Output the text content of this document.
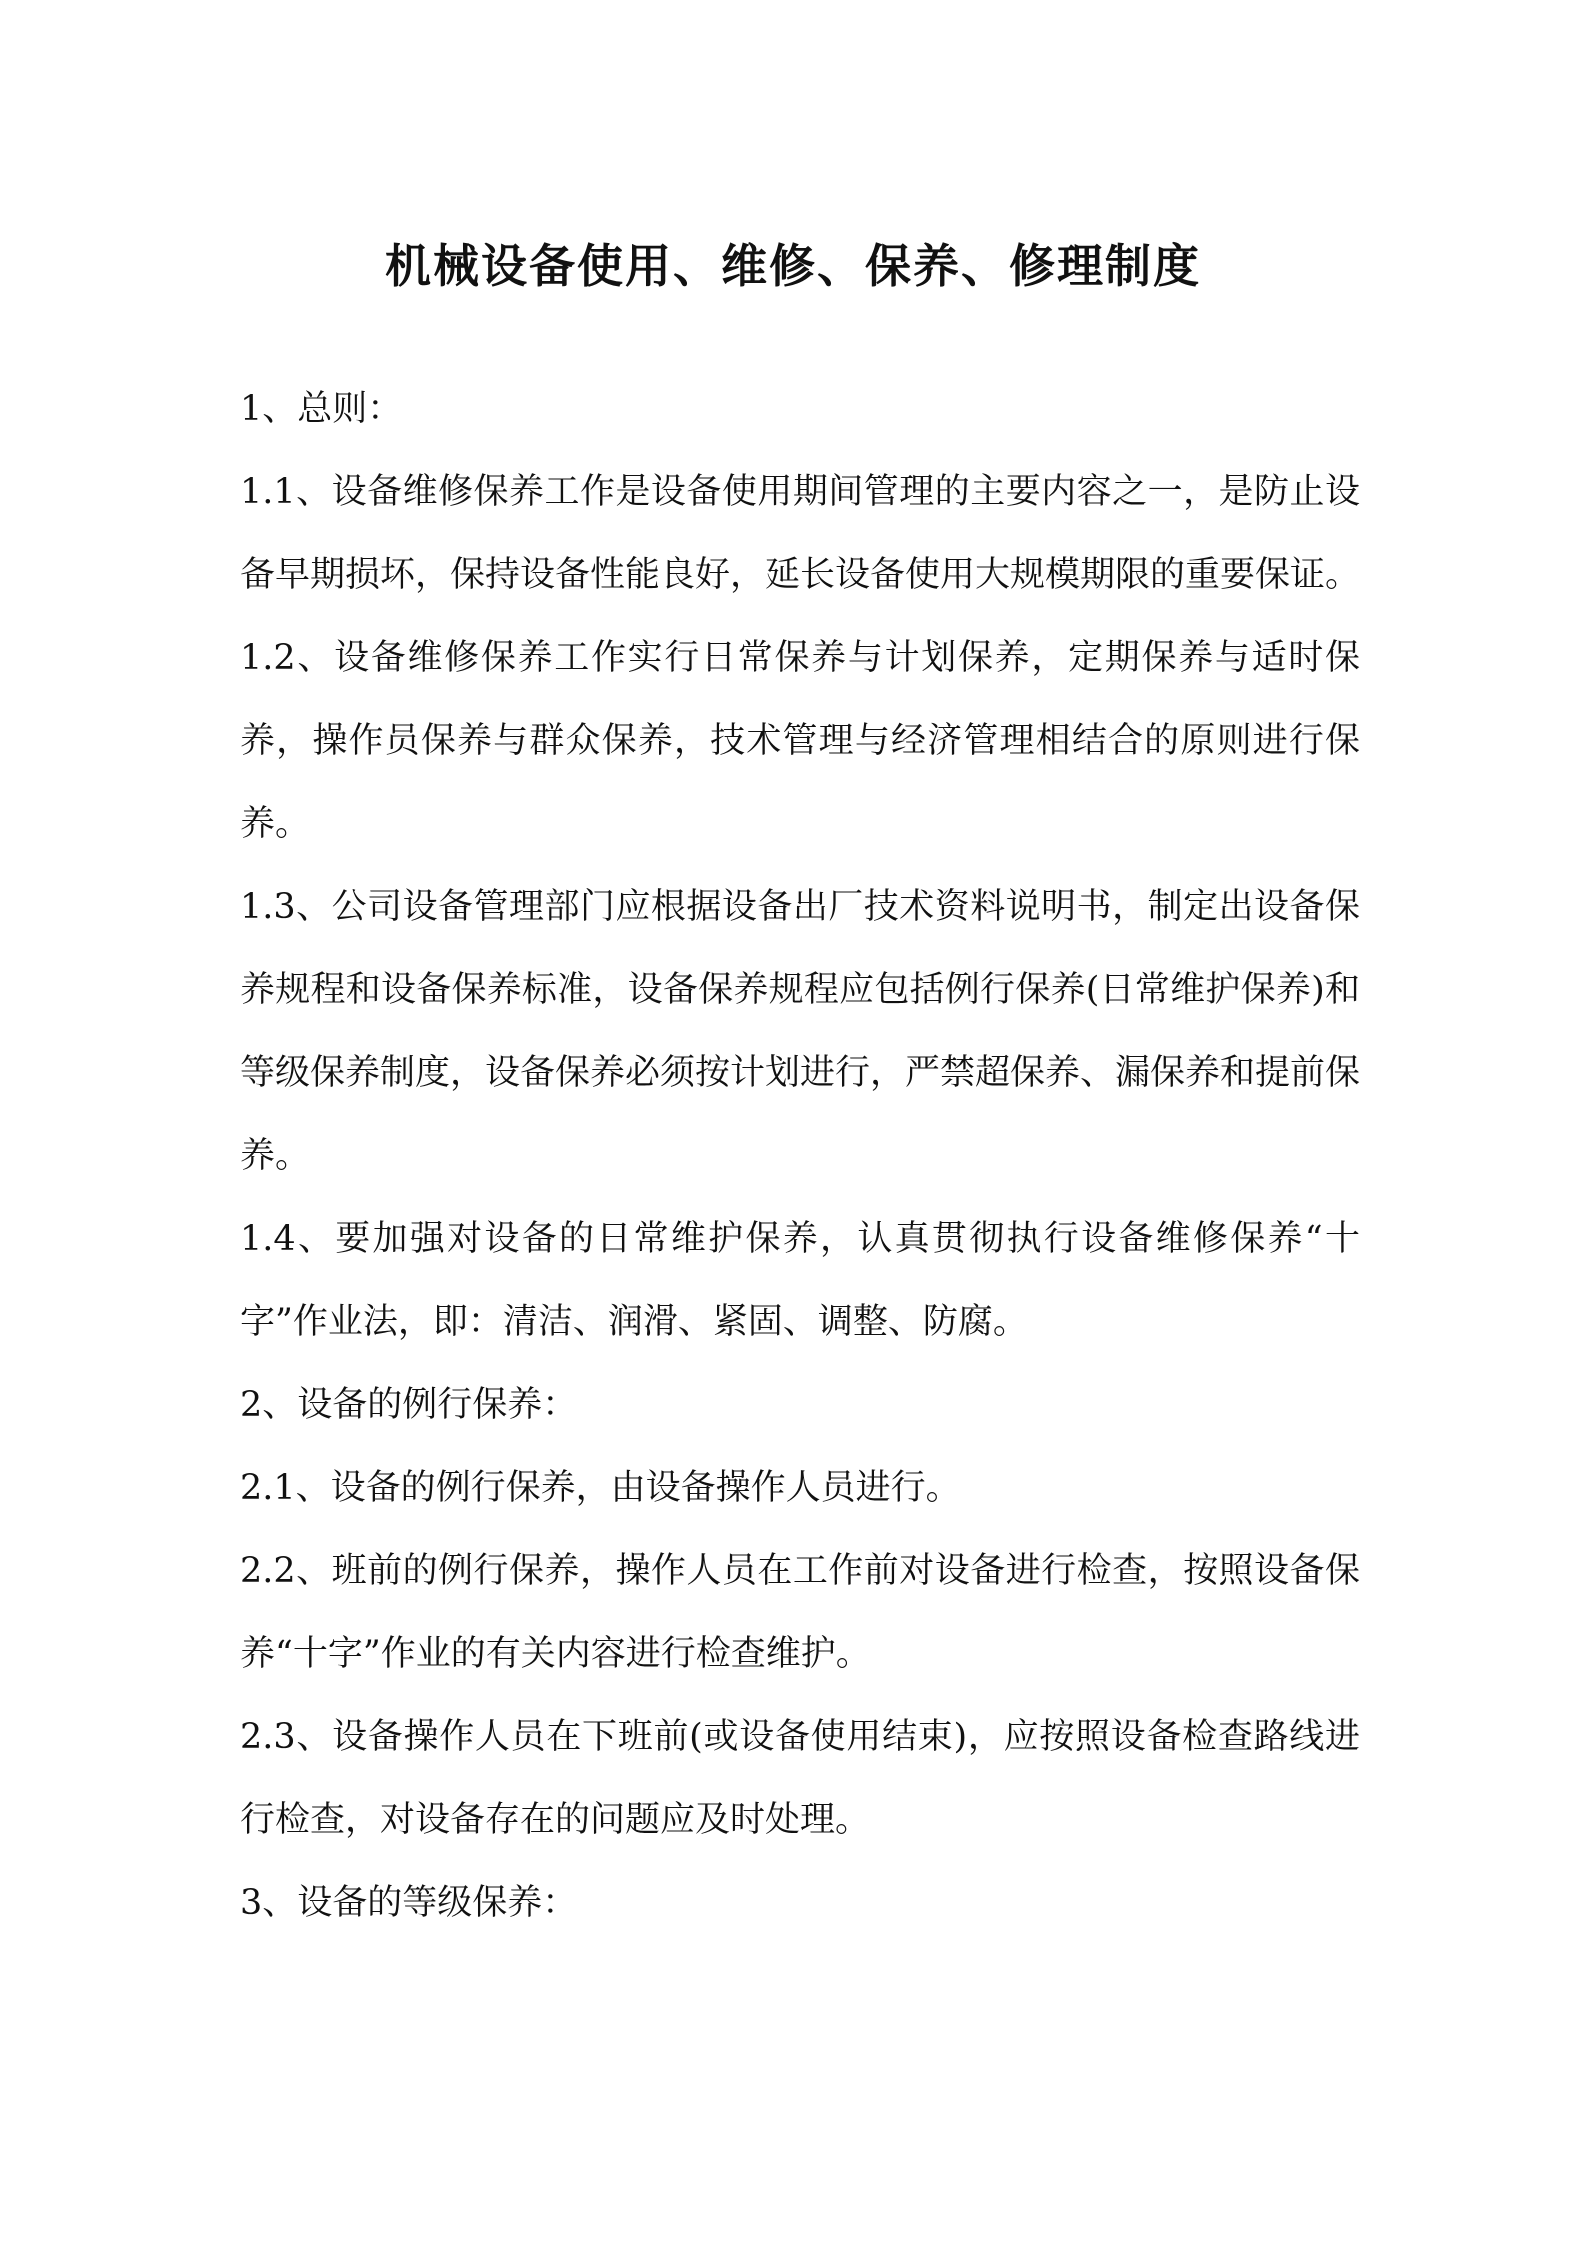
机械设备使用、维修、保养、修理制度

1、总则：

1.1、设备维修保养工作是设备使用期间管理的主要内容之一，是防止设备早期损坏，保持设备性能良好，延长设备使用大规模期限的重要保证。

1.2、设备维修保养工作实行日常保养与计划保养，定期保养与适时保养，操作员保养与群众保养，技术管理与经济管理相结合的原则进行保养。

1.3、公司设备管理部门应根据设备出厂技术资料说明书，制定出设备保养规程和设备保养标准，设备保养规程应包括例行保养(日常维护保养)和等级保养制度，设备保养必须按计划进行，严禁超保养、漏保养和提前保养。

1.4、要加强对设备的日常维护保养，认真贯彻执行设备维修保养“十字”作业法，即：清洁、润滑、紧固、调整、防腐。

2、设备的例行保养：

2.1、设备的例行保养，由设备操作人员进行。

2.2、班前的例行保养，操作人员在工作前对设备进行检查，按照设备保养“十字”作业的有关内容进行检查维护。

2.3、设备操作人员在下班前(或设备使用结束)，应按照设备检查路线进行检查，对设备存在的问题应及时处理。

3、设备的等级保养：
